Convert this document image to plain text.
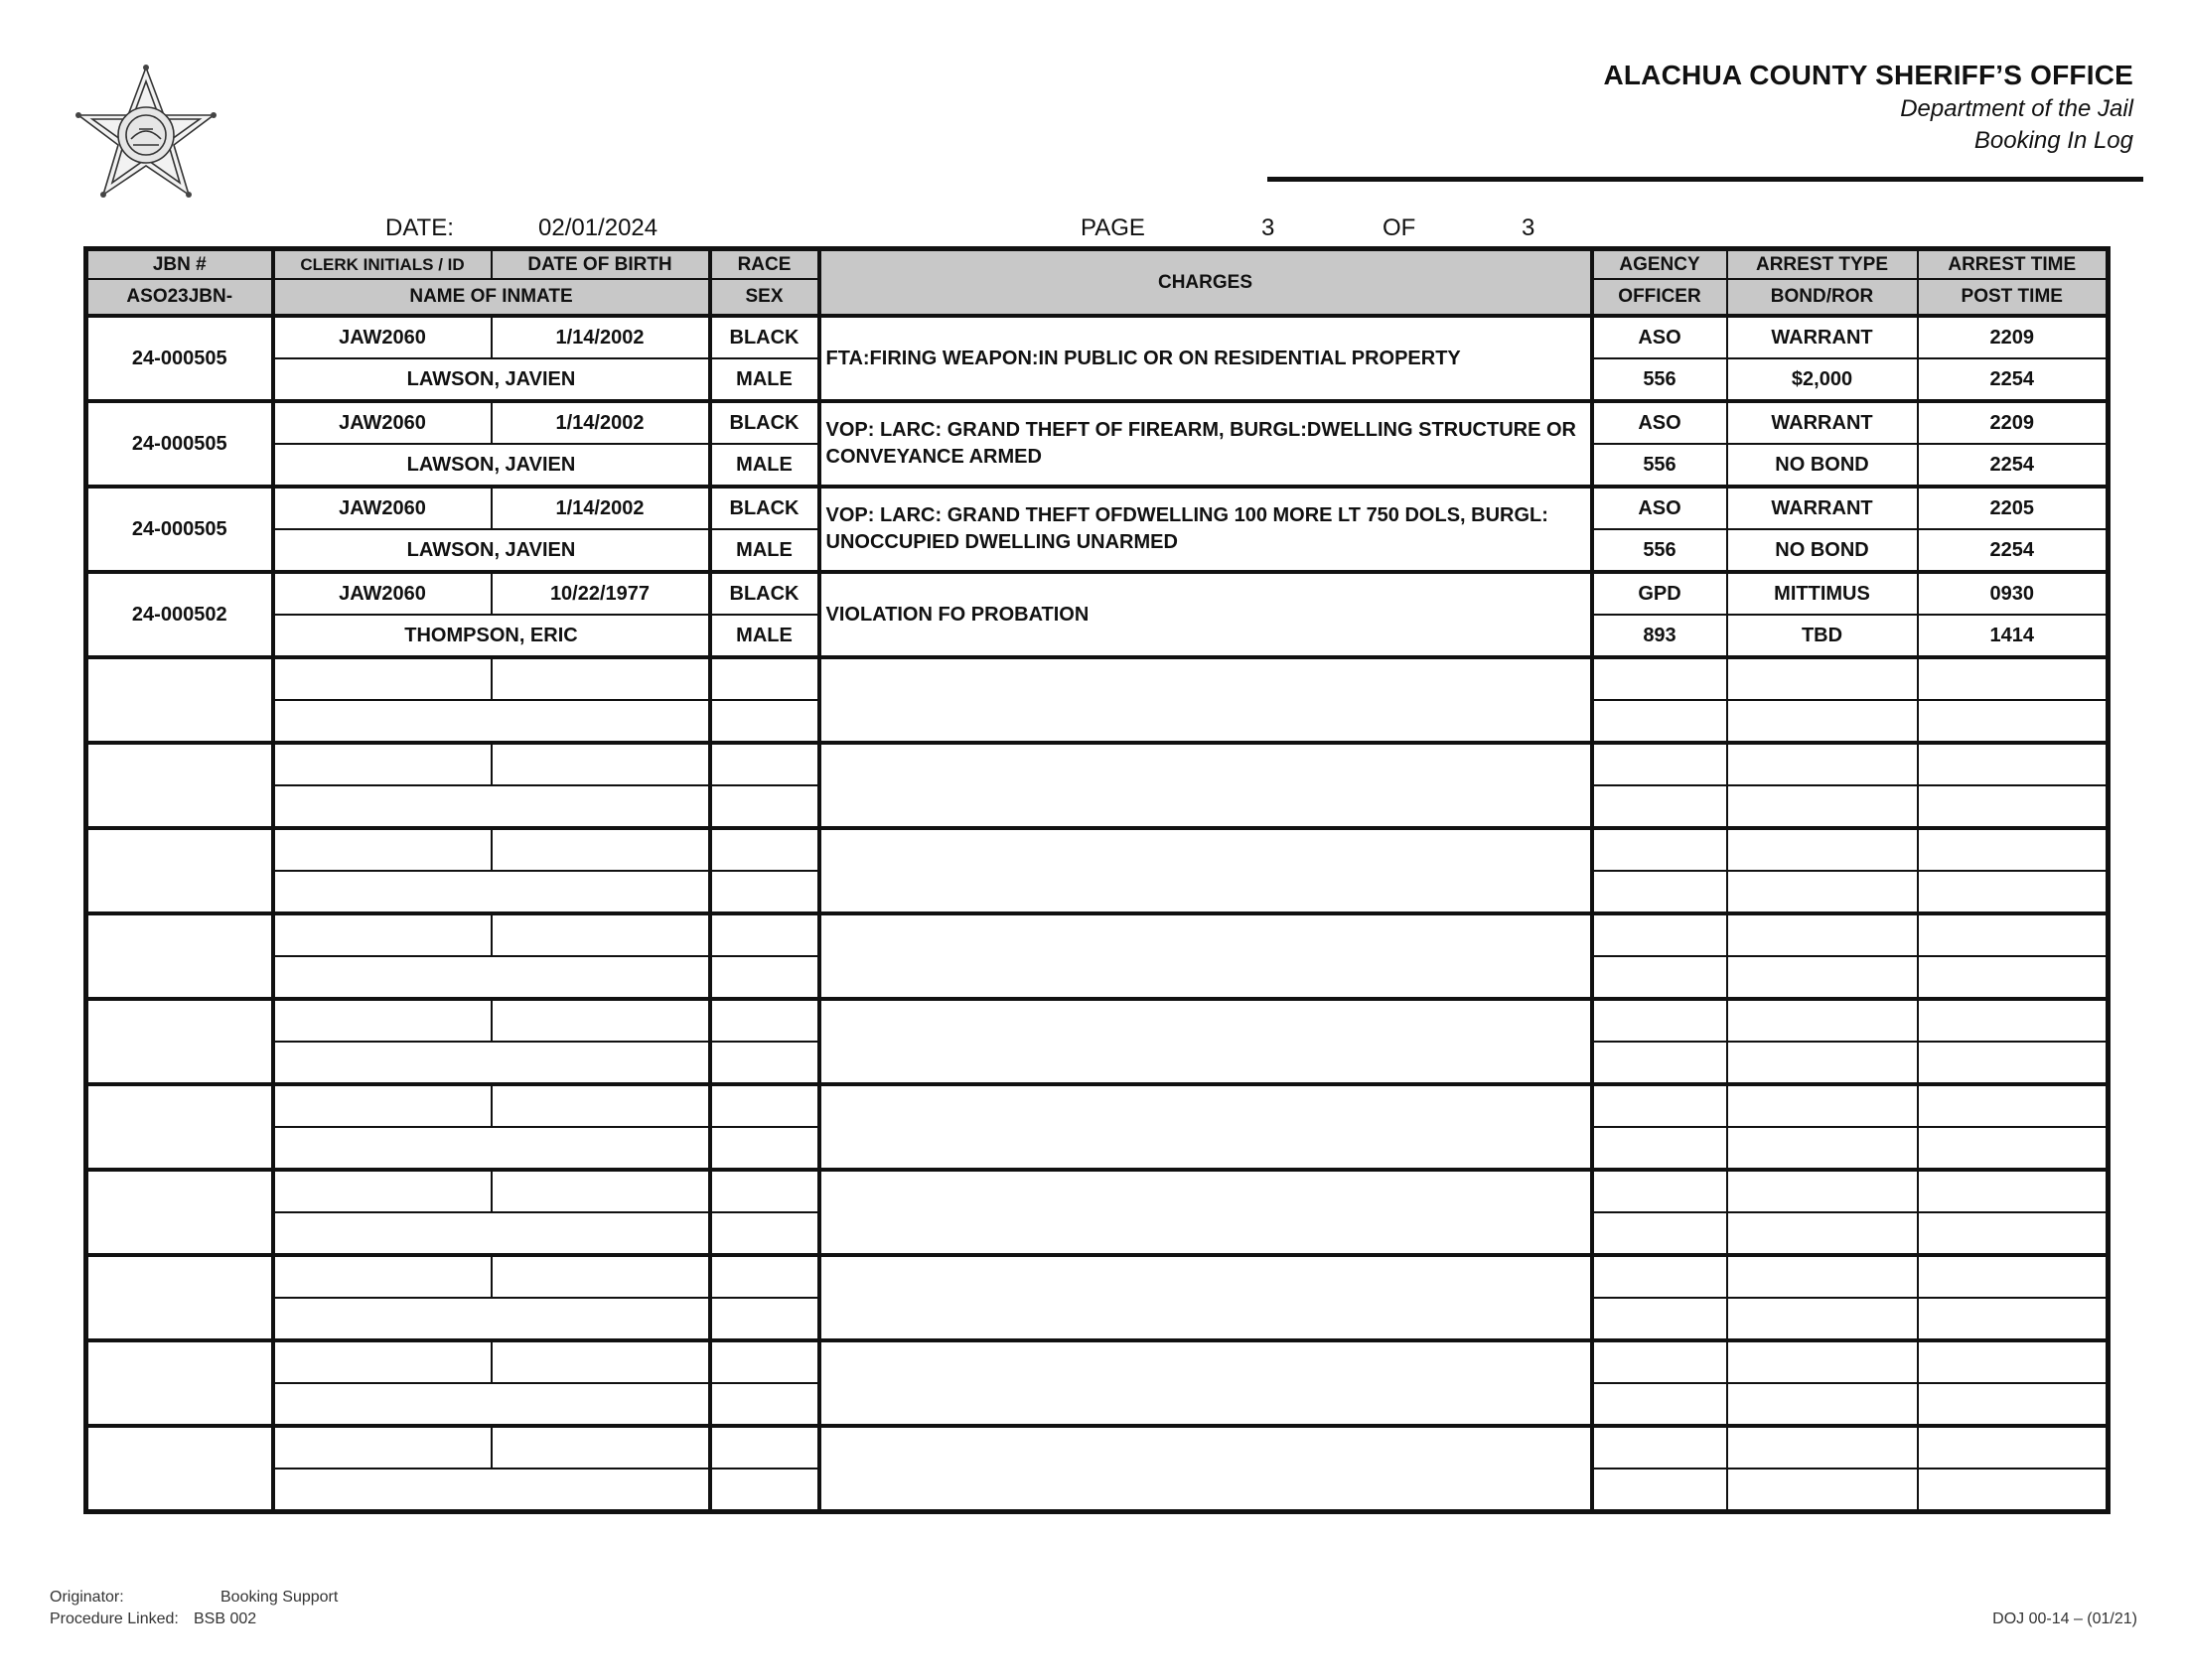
ALACHUA COUNTY SHERIFF’S OFFICE
Department of the Jail
Booking In Log
DATE:	02/01/2024	PAGE	3	OF	3
JBN #	CLERK INITIALS / ID	DATE OF BIRTH	RACE	CHARGES	AGENCY	ARREST TYPE	ARREST TIME
ASO23JBN-	NAME OF INMATE		SEX		OFFICER	BOND/ROR	POST TIME
24-000505	JAW2060	1/14/2002	BLACK	FTA:FIRING WEAPON:IN PUBLIC OR ON RESIDENTIAL PROPERTY	ASO	WARRANT	2209
	LAWSON, JAVIEN		MALE		556	$2,000	2254
24-000505	JAW2060	1/14/2002	BLACK	VOP: LARC: GRAND THEFT OF FIREARM, BURGL:DWELLING STRUCTURE OR CONVEYANCE ARMED	ASO	WARRANT	2209
	LAWSON, JAVIEN		MALE		556	NO BOND	2254
24-000505	JAW2060	1/14/2002	BLACK	VOP: LARC: GRAND THEFT OFDWELLING 100 MORE LT 750 DOLS, BURGL: UNOCCUPIED DWELLING UNARMED	ASO	WARRANT	2205
	LAWSON, JAVIEN		MALE		556	NO BOND	2254
24-000502	JAW2060	10/22/1977	BLACK	VIOLATION FO PROBATION	GPD	MITTIMUS	0930
	THOMPSON, ERIC		MALE		893	TBD	1414

Originator:	Booking Support
Procedure Linked: BSB 002	DOJ 00-14 – (01/21)
